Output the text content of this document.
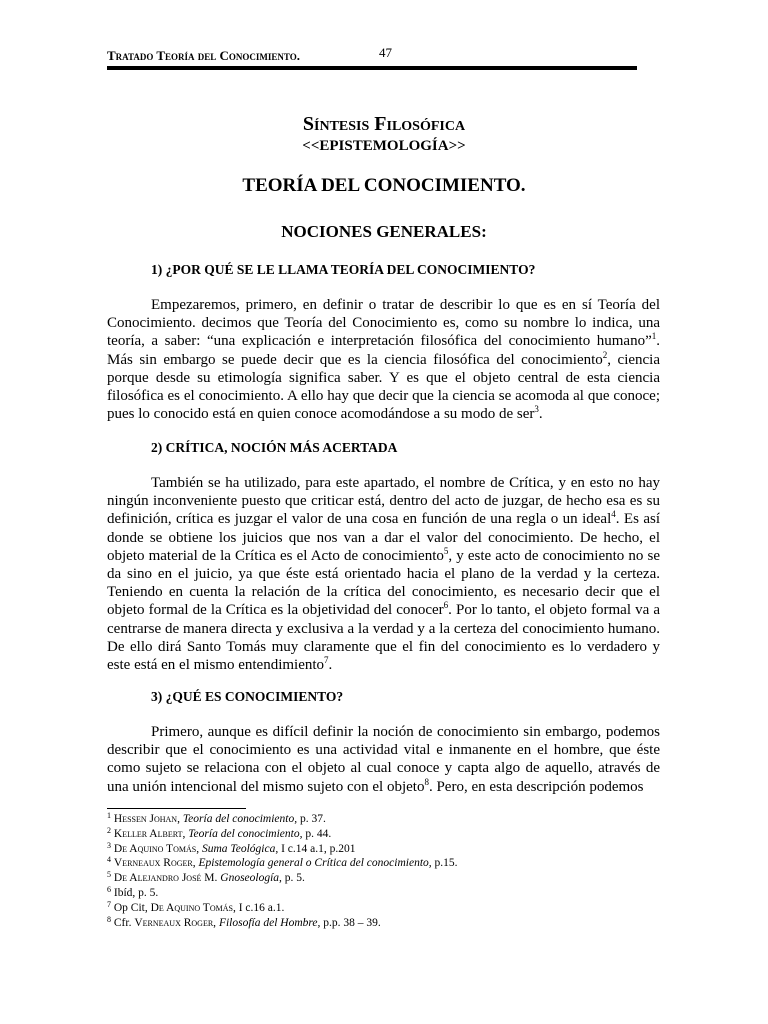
Tratado Teoría del Conocimiento.	47
Síntesis Filosófica
<<EPISTEMOLOGÍA>>
TEORÍA DEL CONOCIMIENTO.
NOCIONES GENERALES:
1) ¿POR QUÉ SE LE LLAMA TEORÍA DEL CONOCIMIENTO?

Empezaremos, primero, en definir o tratar de describir lo que es en sí Teoría del Conocimiento. decimos que Teoría del Conocimiento es, como su nombre lo indica, una teoría, a saber: “una explicación e interpretación filosófica del conocimiento humano”$^1$. Más sin embargo se puede decir que es la ciencia filosófica del conocimiento$^2$, ciencia porque desde su etimología significa saber. Y es que el objeto central de esta ciencia filosófica es el conocimiento. A ello hay que decir que la ciencia se acomoda al que conoce; pues lo conocido está en quien conoce acomodándose a su modo de ser$^3$.

2) CRÍTICA, NOCIÓN MÁS ACERTADA

También se ha utilizado, para este apartado, el nombre de Crítica, y en esto no hay ningún inconveniente puesto que criticar está, dentro del acto de juzgar, de hecho esa es su definición, crítica es juzgar el valor de una cosa en función de una regla o un ideal$^4$. Es así donde se obtiene los juicios que nos van a dar el valor del conocimiento. De hecho, el objeto material de la Crítica es el Acto de conocimiento$^5$, y este acto de conocimiento no se da sino en el juicio, ya que éste está orientado hacia el plano de la verdad y la certeza. Teniendo en cuenta la relación de la crítica del conocimiento, es necesario decir que el objeto formal de la Crítica es la objetividad del conocer$^6$. Por lo tanto, el objeto formal va a centrarse de manera directa y exclusiva a la verdad y a la certeza del conocimiento humano. De ello dirá Santo Tomás muy claramente que el fin del conocimiento es lo verdadero y este está en el mismo entendimiento$^7$.

3) ¿QUÉ ES CONOCIMIENTO?

Primero, aunque es difícil definir la noción de conocimiento sin embargo, podemos describir que el conocimiento es una actividad vital e inmanente en el hombre, que éste como sujeto se relaciona con el objeto al cual conoce y capta algo de aquello, através de una unión intencional del mismo sujeto con el objeto$^8$. Pero, en esta descripción podemos

$^1$ Hessen Johan, Teoría del conocimiento, p. 37.
$^2$ Keller Albert, Teoría del conocimiento, p. 44.
$^3$ De Aquino Tomás, Suma Teológica, I c.14 a.1, p.201
$^4$ Verneaux Roger, Epistemología general o Crítica del conocimiento, p.15.
$^5$ De Alejandro José M. Gnoseología, p. 5.
$^6$ Ibíd, p. 5.
$^7$ Op Cit, De Aquino Tomás, I c.16 a.1.
$^8$ Cfr. Verneaux Roger, Filosofía del Hombre, p.p. 38 – 39.
